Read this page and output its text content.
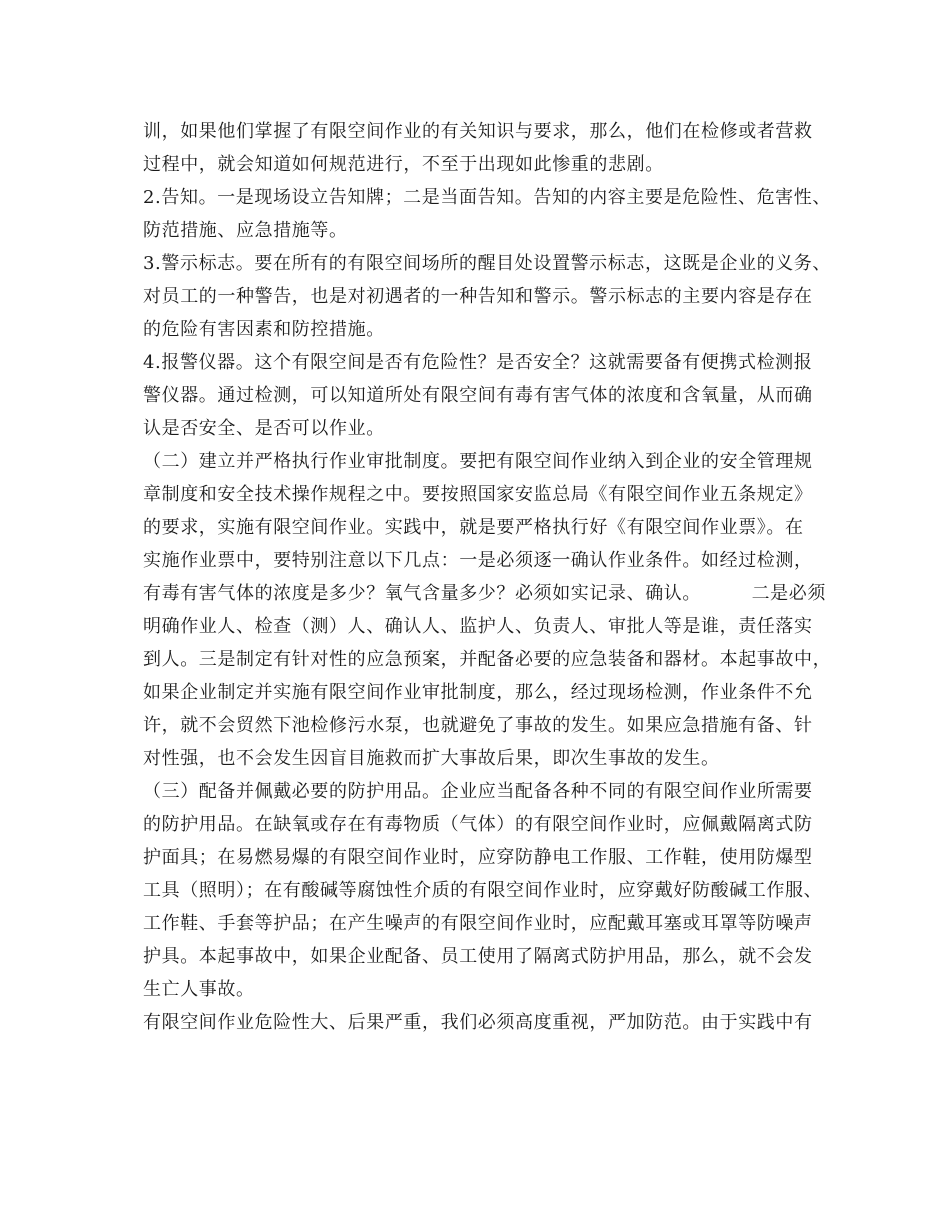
训，如果他们掌握了有限空间作业的有关知识与要求，那么，他们在检修或者营救
过程中，就会知道如何规范进行，不至于出现如此惨重的悲剧。
2.告知。一是现场设立告知牌；二是当面告知。告知的内容主要是危险性、危害性、
防范措施、应急措施等。
3.警示标志。要在所有的有限空间场所的醒目处设置警示标志，这既是企业的义务、
对员工的一种警告，也是对初遇者的一种告知和警示。警示标志的主要内容是存在
的危险有害因素和防控措施。
4.报警仪器。这个有限空间是否有危险性？是否安全？这就需要备有便携式检测报
警仪器。通过检测，可以知道所处有限空间有毒有害气体的浓度和含氧量，从而确
认是否安全、是否可以作业。
（二）建立并严格执行作业审批制度。要把有限空间作业纳入到企业的安全管理规
章制度和安全技术操作规程之中。要按照国家安监总局《有限空间作业五条规定》
的要求，实施有限空间作业。实践中，就是要严格执行好《有限空间作业票》。在
实施作业票中，要特别注意以下几点：一是必须逐一确认作业条件。如经过检测，
有毒有害气体的浓度是多少？氧气含量多少？必须如实记录、确认。        二是必须
明确作业人、检查（测）人、确认人、监护人、负责人、审批人等是谁，责任落实
到人。三是制定有针对性的应急预案，并配备必要的应急装备和器材。本起事故中，
如果企业制定并实施有限空间作业审批制度，那么，经过现场检测，作业条件不允
许，就不会贸然下池检修污水泵，也就避免了事故的发生。如果应急措施有备、针
对性强，也不会发生因盲目施救而扩大事故后果，即次生事故的发生。
（三）配备并佩戴必要的防护用品。企业应当配备各种不同的有限空间作业所需要
的防护用品。在缺氧或存在有毒物质（气体）的有限空间作业时，应佩戴隔离式防
护面具；在易燃易爆的有限空间作业时，应穿防静电工作服、工作鞋，使用防爆型
工具（照明）；在有酸碱等腐蚀性介质的有限空间作业时，应穿戴好防酸碱工作服、
工作鞋、手套等护品；在产生噪声的有限空间作业时，应配戴耳塞或耳罩等防噪声
护具。本起事故中，如果企业配备、员工使用了隔离式防护用品，那么，就不会发
生亡人事故。
有限空间作业危险性大、后果严重，我们必须高度重视，严加防范。由于实践中有
